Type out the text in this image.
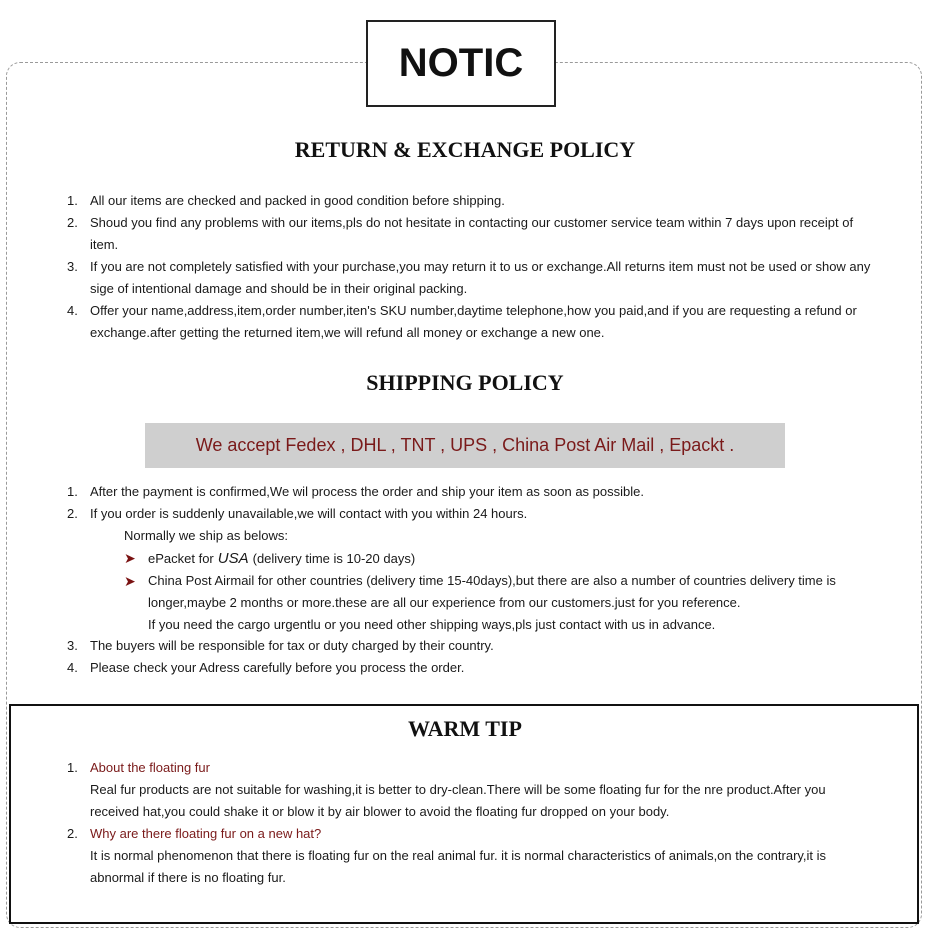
NOTIC
RETURN & EXCHANGE POLICY
1. All our items are checked and packed in good condition before shipping.
2. Shoud you find any problems with our items,pls do not hesitate in contacting our customer service team within 7 days upon receipt of item.
3. If you are not completely satisfied with your purchase,you may return it to us or exchange.All returns item must not be used or show any sige of intentional damage and should be in their original packing.
4. Offer your name,address,item,order number,iten's SKU number,daytime telephone,how you paid,and if you are requesting a refund or exchange.after getting the returned item,we will refund all money or exchange a new one.
SHIPPING POLICY
We accept Fedex , DHL , TNT , UPS , China Post Air Mail , Epackt .
1. After the payment is confirmed,We wil process the order and ship your item as soon as possible.
2. If you order is suddenly unavailable,we will contact with you within 24 hours.
Normally we ship as belows:
➤ ePacket for USA (delivery time is 10-20 days)
➤ China Post Airmail for other countries (delivery time 15-40days),but there are also a number of countries delivery time is longer,maybe 2 months or more.these are all our experience from our customers.just for you reference.
If you need the cargo urgentlu or you need other shipping ways,pls just contact with us in advance.
3. The buyers will be responsible for tax or duty charged by their country.
4. Please check your Adress carefully before you process the order.
WARM TIP
1. About the floating fur
Real fur products are not suitable for washing,it is better to dry-clean.There will be some floating fur for the nre product.After you received hat,you could shake it or blow it by air blower to avoid the floating fur dropped on your body.
2. Why are there floating fur on a new hat?
It is normal phenomenon that there is floating fur on the real animal fur. it is normal characteristics of animals,on the contrary,it is abnormal if there is no floating fur.
